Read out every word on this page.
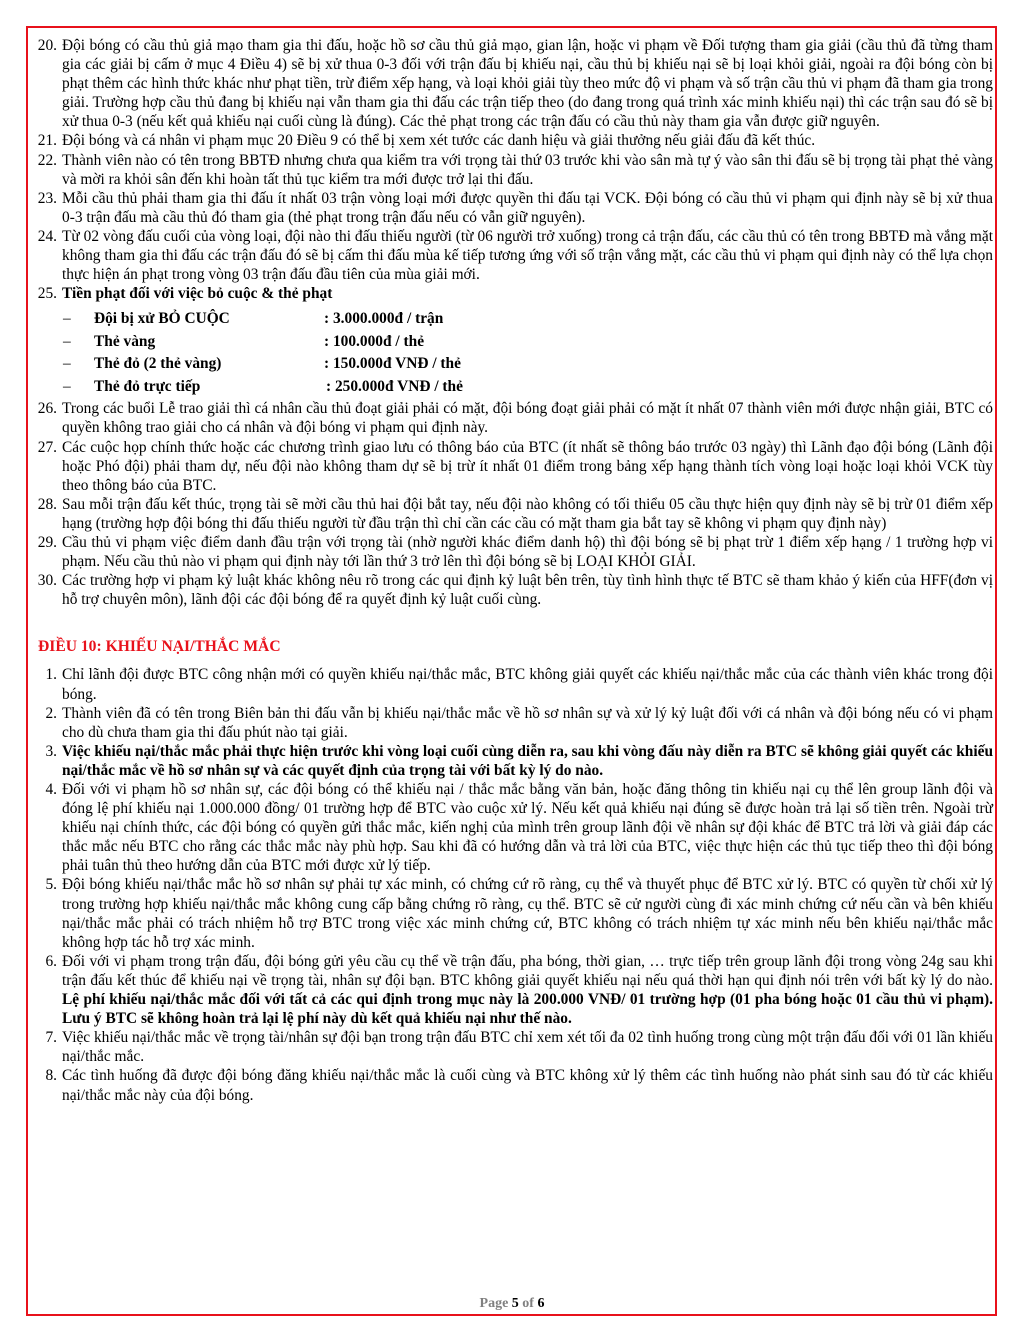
20. Đội bóng có cầu thủ giả mạo tham gia thi đấu, hoặc hồ sơ cầu thủ giả mạo, gian lận, hoặc vi phạm về Đối tượng tham gia giải (cầu thủ đã từng tham gia các giải bị cấm ở mục 4 Điều 4) sẽ bị xử thua 0-3 đối với trận đấu bị khiếu nại, cầu thủ bị khiếu nại sẽ bị loại khỏi giải, ngoài ra đội bóng còn bị phạt thêm các hình thức khác như phạt tiền, trừ điểm xếp hạng, và loại khỏi giải tùy theo mức độ vi phạm và số trận cầu thủ vi phạm đã tham gia trong giải. Trường hợp cầu thủ đang bị khiếu nại vẫn tham gia thi đấu các trận tiếp theo (do đang trong quá trình xác minh khiếu nại) thì các trận sau đó sẽ bị xử thua 0-3 (nếu kết quả khiếu nại cuối cùng là đúng). Các thẻ phạt trong các trận đấu có cầu thủ này tham gia vẫn được giữ nguyên.
21. Đội bóng và cá nhân vi phạm mục 20 Điều 9 có thể bị xem xét tước các danh hiệu và giải thưởng nếu giải đấu đã kết thúc.
22. Thành viên nào có tên trong BBTĐ nhưng chưa qua kiểm tra với trọng tài thứ 03 trước khi vào sân mà tự ý vào sân thi đấu sẽ bị trọng tài phạt thẻ vàng và mời ra khỏi sân đến khi hoàn tất thủ tục kiểm tra mới được trở lại thi đấu.
23. Mỗi cầu thủ phải tham gia thi đấu ít nhất 03 trận vòng loại mới được quyền thi đấu tại VCK. Đội bóng có cầu thủ vi phạm qui định này sẽ bị xử thua 0-3 trận đấu mà cầu thủ đó tham gia (thẻ phạt trong trận đấu nếu có vẫn giữ nguyên).
24. Từ 02 vòng đấu cuối của vòng loại, đội nào thi đấu thiếu người (từ 06 người trở xuống) trong cả trận đấu, các cầu thủ có tên trong BBTĐ mà vắng mặt không tham gia thi đấu các trận đấu đó sẽ bị cấm thi đấu mùa kế tiếp tương ứng với số trận vắng mặt, các cầu thủ vi phạm qui định này có thể lựa chọn thực hiện án phạt trong vòng 03 trận đấu đầu tiên của mùa giải mới.
25. Tiền phạt đối với việc bỏ cuộc & thẻ phạt
– Đội bị xử BỎ CUỘC	: 3.000.000đ / trận
– Thẻ vàng	: 100.000đ / thẻ
– Thẻ đỏ (2 thẻ vàng)	: 150.000đ VNĐ / thẻ
– Thẻ đỏ trực tiếp	: 250.000đ VNĐ / thẻ
26. Trong các buổi Lễ trao giải thì cá nhân cầu thủ đoạt giải phải có mặt, đội bóng đoạt giải phải có mặt ít nhất 07 thành viên mới được nhận giải, BTC có quyền không trao giải cho cá nhân và đội bóng vi phạm qui định này.
27. Các cuộc họp chính thức hoặc các chương trình giao lưu có thông báo của BTC (ít nhất sẽ thông báo trước 03 ngày) thì Lãnh đạo đội bóng (Lãnh đội hoặc Phó đội) phải tham dự, nếu đội nào không tham dự sẽ bị trừ ít nhất 01 điểm trong bảng xếp hạng thành tích vòng loại hoặc loại khỏi VCK tùy theo thông báo của BTC.
28. Sau mỗi trận đấu kết thúc, trọng tài sẽ mời cầu thủ hai đội bắt tay, nếu đội nào không có tối thiểu 05 cầu thực hiện quy định này sẽ bị trừ 01 điểm xếp hạng (trường hợp đội bóng thi đấu thiếu người từ đầu trận thì chỉ cần các cầu có mặt tham gia bắt tay sẽ không vi phạm quy định này)
29. Cầu thủ vi phạm việc điểm danh đầu trận với trọng tài (nhờ người khác điểm danh hộ) thì đội bóng sẽ bị phạt trừ 1 điểm xếp hạng / 1 trường hợp vi phạm. Nếu cầu thủ nào vi phạm qui định này tới lần thứ 3 trở lên thì đội bóng sẽ bị LOẠI KHỎI GIẢI.
30. Các trường hợp vi phạm kỷ luật khác không nêu rõ trong các qui định kỷ luật bên trên, tùy tình hình thực tế BTC sẽ tham khảo ý kiến của HFF(đơn vị hỗ trợ chuyên môn), lãnh đội các đội bóng để ra quyết định kỷ luật cuối cùng.
ĐIỀU 10: KHIẾU NẠI/THẮC MẮC
1. Chỉ lãnh đội được BTC công nhận mới có quyền khiếu nại/thắc mắc, BTC không giải quyết các khiếu nại/thắc mắc của các thành viên khác trong đội bóng.
2. Thành viên đã có tên trong Biên bản thi đấu vẫn bị khiếu nại/thắc mắc về hồ sơ nhân sự và xử lý kỷ luật đối với cá nhân và đội bóng nếu có vi phạm cho dù chưa tham gia thi đấu phút nào tại giải.
3. Việc khiếu nại/thắc mắc phải thực hiện trước khi vòng loại cuối cùng diễn ra, sau khi vòng đấu này diễn ra BTC sẽ không giải quyết các khiếu nại/thắc mắc về hồ sơ nhân sự và các quyết định của trọng tài với bất kỳ lý do nào.
4. Đối với vi phạm hồ sơ nhân sự, các đội bóng có thể khiếu nại / thắc mắc bằng văn bản, hoặc đăng thông tin khiếu nại cụ thể lên group lãnh đội và đóng lệ phí khiếu nại 1.000.000 đồng/ 01 trường hợp để BTC vào cuộc xử lý. Nếu kết quả khiếu nại đúng sẽ được hoàn trả lại số tiền trên. Ngoài trừ khiếu nại chính thức, các đội bóng có quyền gửi thắc mắc, kiến nghị của mình trên group lãnh đội về nhân sự đội khác để BTC trả lời và giải đáp các thắc mắc nếu BTC cho rằng các thắc mắc này phù hợp. Sau khi đã có hướng dẫn và trả lời của BTC, việc thực hiện các thủ tục tiếp theo thì đội bóng phải tuân thủ theo hướng dẫn của BTC mới được xử lý tiếp.
5. Đội bóng khiếu nại/thắc mắc hồ sơ nhân sự phải tự xác minh, có chứng cứ rõ ràng, cụ thể và thuyết phục để BTC xử lý. BTC có quyền từ chối xử lý trong trường hợp khiếu nại/thắc mắc không cung cấp bằng chứng rõ ràng, cụ thể. BTC sẽ cử người cùng đi xác minh chứng cứ nếu cần và bên khiếu nại/thắc mắc phải có trách nhiệm hỗ trợ BTC trong việc xác minh chứng cứ, BTC không có trách nhiệm tự xác minh nếu bên khiếu nại/thắc mắc không hợp tác hỗ trợ xác minh.
6. Đối với vi phạm trong trận đấu, đội bóng gửi yêu cầu cụ thể về trận đấu, pha bóng, thời gian, … trực tiếp trên group lãnh đội trong vòng 24g sau khi trận đấu kết thúc để khiếu nại về trọng tài, nhân sự đội bạn. BTC không giải quyết khiếu nại nếu quá thời hạn qui định nói trên với bất kỳ lý do nào. Lệ phí khiếu nại/thắc mắc đối với tất cả các qui định trong mục này là 200.000 VNĐ/ 01 trường hợp (01 pha bóng hoặc 01 cầu thủ vi phạm). Lưu ý BTC sẽ không hoàn trả lại lệ phí này dù kết quả khiếu nại như thế nào.
7. Việc khiếu nại/thắc mắc về trọng tài/nhân sự đội bạn trong trận đấu BTC chỉ xem xét tối đa 02 tình huống trong cùng một trận đấu đối với 01 lần khiếu nại/thắc mắc.
8. Các tình huống đã được đội bóng đăng khiếu nại/thắc mắc là cuối cùng và BTC không xử lý thêm các tình huống nào phát sinh sau đó từ các khiếu nại/thắc mắc này của đội bóng.
Page 5 of 6
